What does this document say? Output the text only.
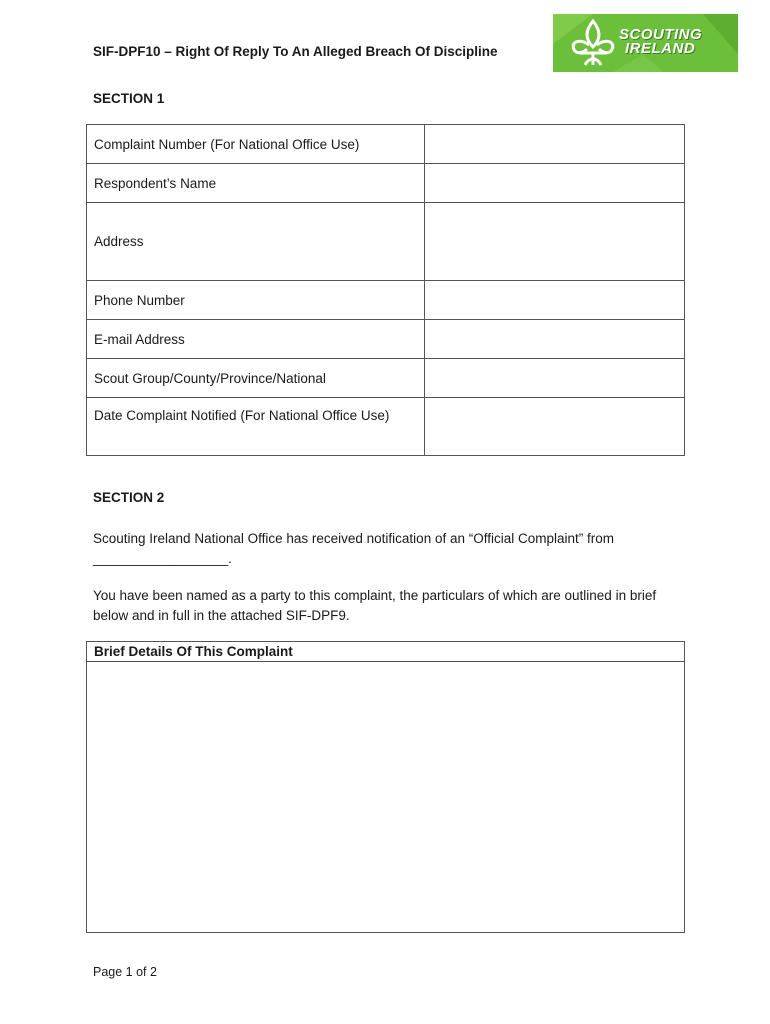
SIF-DPF10 – Right Of Reply To An Alleged Breach Of Discipline
SCOUTING
IRELAND
SECTION 1
Complaint Number (For National Office Use)	
Respondent’s Name	
Address	
Phone Number	
E-mail Address	
Scout Group/County/Province/National	
Date Complaint Notified (For National Office Use)	
SECTION 2
Scouting Ireland National Office has received notification of an “Official Complaint” from __________________.
You have been named as a party to this complaint, the particulars of which are outlined in brief below and in full in the attached SIF-DPF9.
Brief Details Of This Complaint
Page 1 of 2
